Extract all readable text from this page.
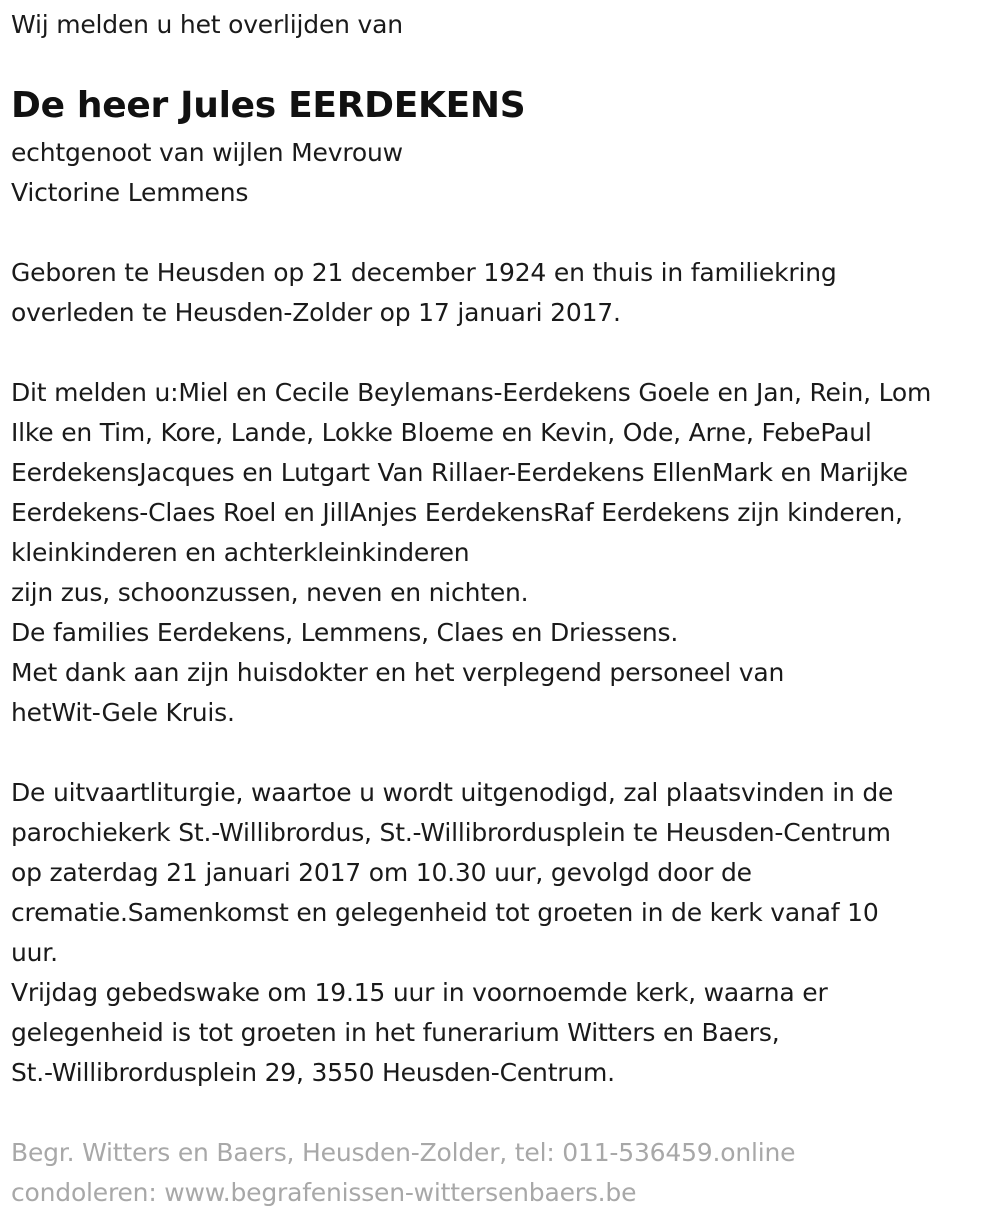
Wij melden u het overlijden van
De heer Jules EERDEKENS
echtgenoot van wijlen Mevrouw
Victorine Lemmens
Geboren te Heusden op 21 december 1924 en thuis in familiekring
overleden te Heusden-Zolder op 17 januari 2017.
Dit melden u:Miel en Cecile Beylemans-Eerdekens Goele en Jan, Rein, Lom
Ilke en Tim, Kore, Lande, Lokke Bloeme en Kevin, Ode, Arne, FebePaul
EerdekensJacques en Lutgart Van Rillaer-Eerdekens EllenMark en Marijke
Eerdekens-Claes Roel en JillAnjes EerdekensRaf Eerdekens zijn kinderen,
kleinkinderen en achterkleinkinderen
zijn zus, schoonzussen, neven en nichten.
De families Eerdekens, Lemmens, Claes en Driessens.
Met dank aan zijn huisdokter en het verplegend personeel van
hetWit-Gele Kruis.
De uitvaartliturgie, waartoe u wordt uitgenodigd, zal plaatsvinden in de
parochiekerk St.-Willibrordus, St.-Willibrordusplein te Heusden-Centrum
op zaterdag 21 januari 2017 om 10.30 uur, gevolgd door de
crematie.Samenkomst en gelegenheid tot groeten in de kerk vanaf 10
uur.
Vrijdag gebedswake om 19.15 uur in voornoemde kerk, waarna er
gelegenheid is tot groeten in het funerarium Witters en Baers,
St.-Willibrordusplein 29, 3550 Heusden-Centrum.
Begr. Witters en Baers, Heusden-Zolder, tel: 011-536459.online
condoleren: www.begrafenissen-wittersenbaers.be
